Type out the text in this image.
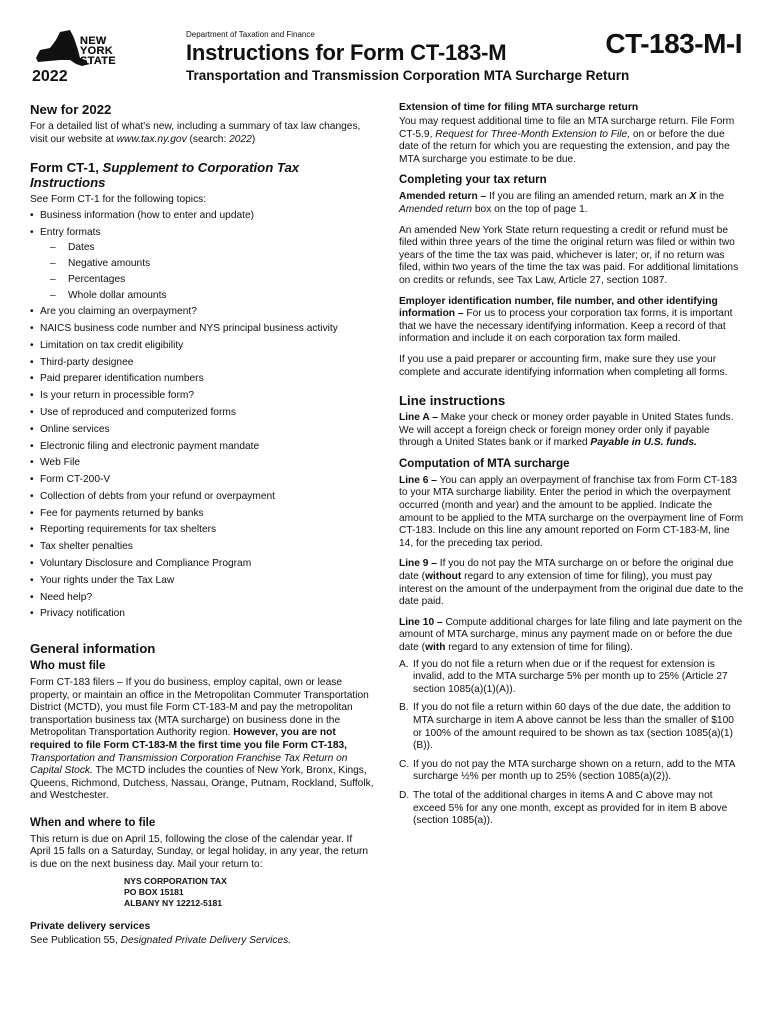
NEW
YORK
STATE
2022
Department of Taxation and Finance
Instructions for Form CT-183-M	CT-183-M-I
Transportation and Transmission Corporation MTA Surcharge Return
New for 2022

For a detailed list of what's new, including a summary of tax law changes, visit our website at www.tax.ny.gov (search: 2022)

Form CT-1, Supplement to Corporation Tax Instructions
See Form CT-1 for the following topics:
• Business information (how to enter and update)
• Entry formats
– Dates
– Negative amounts
– Percentages
– Whole dollar amounts
• Are you claiming an overpayment?
• NAICS business code number and NYS principal business activity
• Limitation on tax credit eligibility
• Third-party designee
• Paid preparer identification numbers
• Is your return in processible form?
• Use of reproduced and computerized forms
• Online services
• Electronic filing and electronic payment mandate
• Web File
• Form CT-200-V
• Collection of debts from your refund or overpayment
• Fee for payments returned by banks
• Reporting requirements for tax shelters
• Tax shelter penalties
• Voluntary Disclosure and Compliance Program
• Your rights under the Tax Law
• Need help?
• Privacy notification
General information
Who must file

Form CT-183 filers – If you do business, employ capital, own or lease property, or maintain an office in the Metropolitan Commuter Transportation District (MCTD), you must file Form CT-183-M and pay the metropolitan transportation business tax (MTA surcharge) on business done in the Metropolitan Transportation Authority region. However, you are not required to file Form CT-183-M the first time you file Form CT-183, Transportation and Transmission Corporation Franchise Tax Return on Capital Stock. The MCTD includes the counties of New York, Bronx, Kings, Queens, Richmond, Dutchess, Nassau, Orange, Putnam, Rockland, Suffolk, and Westchester.

When and where to file

This return is due on April 15, following the close of the calendar year. If April 15 falls on a Saturday, Sunday, or legal holiday, in any year, the return is due on the next business day. Mail your return to:

NYS CORPORATION TAX
PO BOX 15181
ALBANY NY 12212-5181
Private delivery services

See Publication 55, Designated Private Delivery Services.

Extension of time for filing MTA surcharge return

You may request additional time to file an MTA surcharge return. File Form CT-5.9, Request for Three-Month Extension to File, on or before the due date of the return for which you are requesting the extension, and pay the MTA surcharge you estimate to be due.

Completing your tax return

Amended return – If you are filing an amended return, mark an X in the Amended return box on the top of page 1.

An amended New York State return requesting a credit or refund must be filed within three years of the time the original return was filed or within two years of the time the tax was paid, whichever is later; or, if no return was filed, within two years of the time the tax was paid. For additional limitations on credits or refunds, see Tax Law, Article 27, section 1087.

Employer identification number, file number, and other identifying information – For us to process your corporation tax forms, it is important that we have the necessary identifying information. Keep a record of that information and include it on each corporation tax form mailed.

If you use a paid preparer or accounting firm, make sure they use your complete and accurate identifying information when completing all forms.

Line instructions

Line A – Make your check or money order payable in United States funds. We will accept a foreign check or foreign money order only if payable through a United States bank or if marked Payable in U.S. funds.

Computation of MTA surcharge

Line 6 – You can apply an overpayment of franchise tax from Form CT-183 to your MTA surcharge liability. Enter the period in which the overpayment occurred (month and year) and the amount to be applied. Indicate the amount to be applied to the MTA surcharge on the overpayment line of Form CT-183. Include on this line any amount reported on Form CT-183-M, line 14, for the preceding tax period.

Line 9 – If you do not pay the MTA surcharge on or before the original due date (without regard to any extension of time for filing), you must pay interest on the amount of the underpayment from the original due date to the date paid.

Line 10 – Compute additional charges for late filing and late payment on the amount of MTA surcharge, minus any payment made on or before the due date (with regard to any extension of time for filing).

A. If you do not file a return when due or if the request for extension is invalid, add to the MTA surcharge 5% per month up to 25% (Article 27 section 1085(a)(1)(A)).
B. If you do not file a return within 60 days of the due date, the addition to MTA surcharge in item A above cannot be less than the smaller of $100 or 100% of the amount required to be shown as tax (section 1085(a)(1)(B)).
C. If you do not pay the MTA surcharge shown on a return, add to the MTA surcharge ½% per month up to 25% (section 1085(a)(2)).
D. The total of the additional charges in items A and C above may not exceed 5% for any one month, except as provided for in item B above (section 1085(a)).
